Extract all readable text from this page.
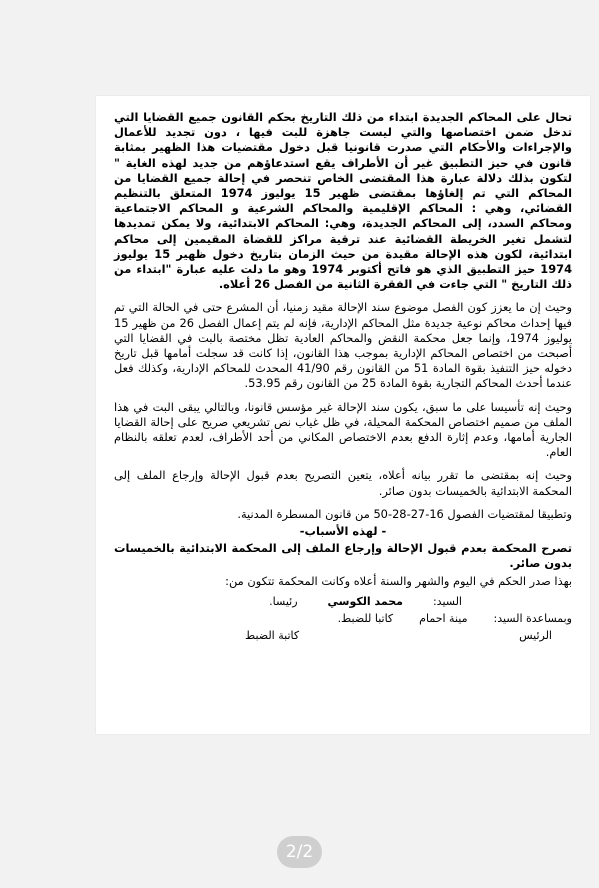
تحال على المحاكم الجديدة ابتداء من ذلك التاريخ بحكم القانون جميع القضايا التي تدخل ضمن اختصاصها والتي ليست جاهزة للبت فيها ، دون تجديد للأعمال والإجراءات والأحكام التي صدرت قانونيا قبل دخول مقتضيات هذا الظهير بمثابة قانون في حيز التطبيق غير أن الأطراف يقع استدعاؤهم من جديد لهذه الغاية " لتكون بذلك دلالة عبارة هذا المقتضى الخاص تنحصر في إحالة جميع القضايا من المحاكم التي تم إلغاؤها بمقتضى ظهير 15 يوليوز 1974 المتعلق بالتنظيم القضائي، وهي : المحاكم الإقليمية والمحاكم الشرعية و المحاكم الاجتماعية ومحاكم السدد، إلى المحاكم الجديدة، وهي: المحاكم الابتدائية، ولا يمكن تمديدها لتشمل تغير الخريطة القضائية عند ترقية مراكز للقضاة المقيمين إلى محاكم ابتدائية، لكون هذه الإحالة مقيدة من حيث الزمان بتاريخ دخول ظهير 15 يوليوز 1974 حيز التطبيق الذي هو فاتح أكتوبر 1974 وهو ما دلت عليه عبارة "ابتداء من ذلك التاريخ " التي جاءت في الفقرة الثانية من الفصل 26 أعلاه.

وحيث إن ما يعزز كون الفصل موضوع سند الإحالة مقيد زمنيا، أن المشرع حتى في الحالة التي تم فيها إحداث محاكم نوعية جديدة مثل المحاكم الإدارية، فإنه لم يتم إعمال الفصل 26 من ظهير 15 يوليوز 1974، وإنما جعل محكمة النقض والمحاكم العادية تظل مختصة بالبت في القضايا التي أصبحت من اختصاص المحاكم الإدارية بموجب هذا القانون، إذا كانت قد سجلت أمامها قبل تاريخ دخوله حيز التنفيذ بقوة المادة 51 من القانون رقم 41/90 المحدث للمحاكم الإدارية، وكذلك فعل عندما أحدث المحاكم التجارية بقوة المادة 25 من القانون رقم 53.95.

وحيث إنه تأسيسا على ما سبق، يكون سند الإحالة غير مؤسس قانونا، وبالتالي يبقى البت في هذا الملف من صميم اختصاص المحكمة المحيلة، في ظل غياب نص تشريعي صريح على إحالة القضايا الجارية أمامها، وعدم إثارة الدفع بعدم الاختصاص المكاني من أحد الأطراف، لعدم تعلقه بالنظام العام.

وحيث إنه بمقتضى ما تقرر بيانه أعلاه، يتعين التصريح بعدم قبول الإحالة وإرجاع الملف إلى المحكمة الابتدائية بالخميسات بدون صائر.

وتطبيقا لمقتضيات الفصول 16-27-28-50 من قانون المسطرة المدنية.

- لهذه الأسباب-

تصرح المحكمة بعدم قبول الإحالة وإرجاع الملف إلى المحكمة الابتدائية بالخميسات بدون صائر.

بهذا صدر الحكم في اليوم والشهر والسنة أعلاه وكانت المحكمة تتكون من:

السيد:
محمد الكوسي
رئيسا.
وبمساعدة السيد:
مينة احمام
كاتبا للضبط.
الرئيس
كاتبة الضبط
2/2
